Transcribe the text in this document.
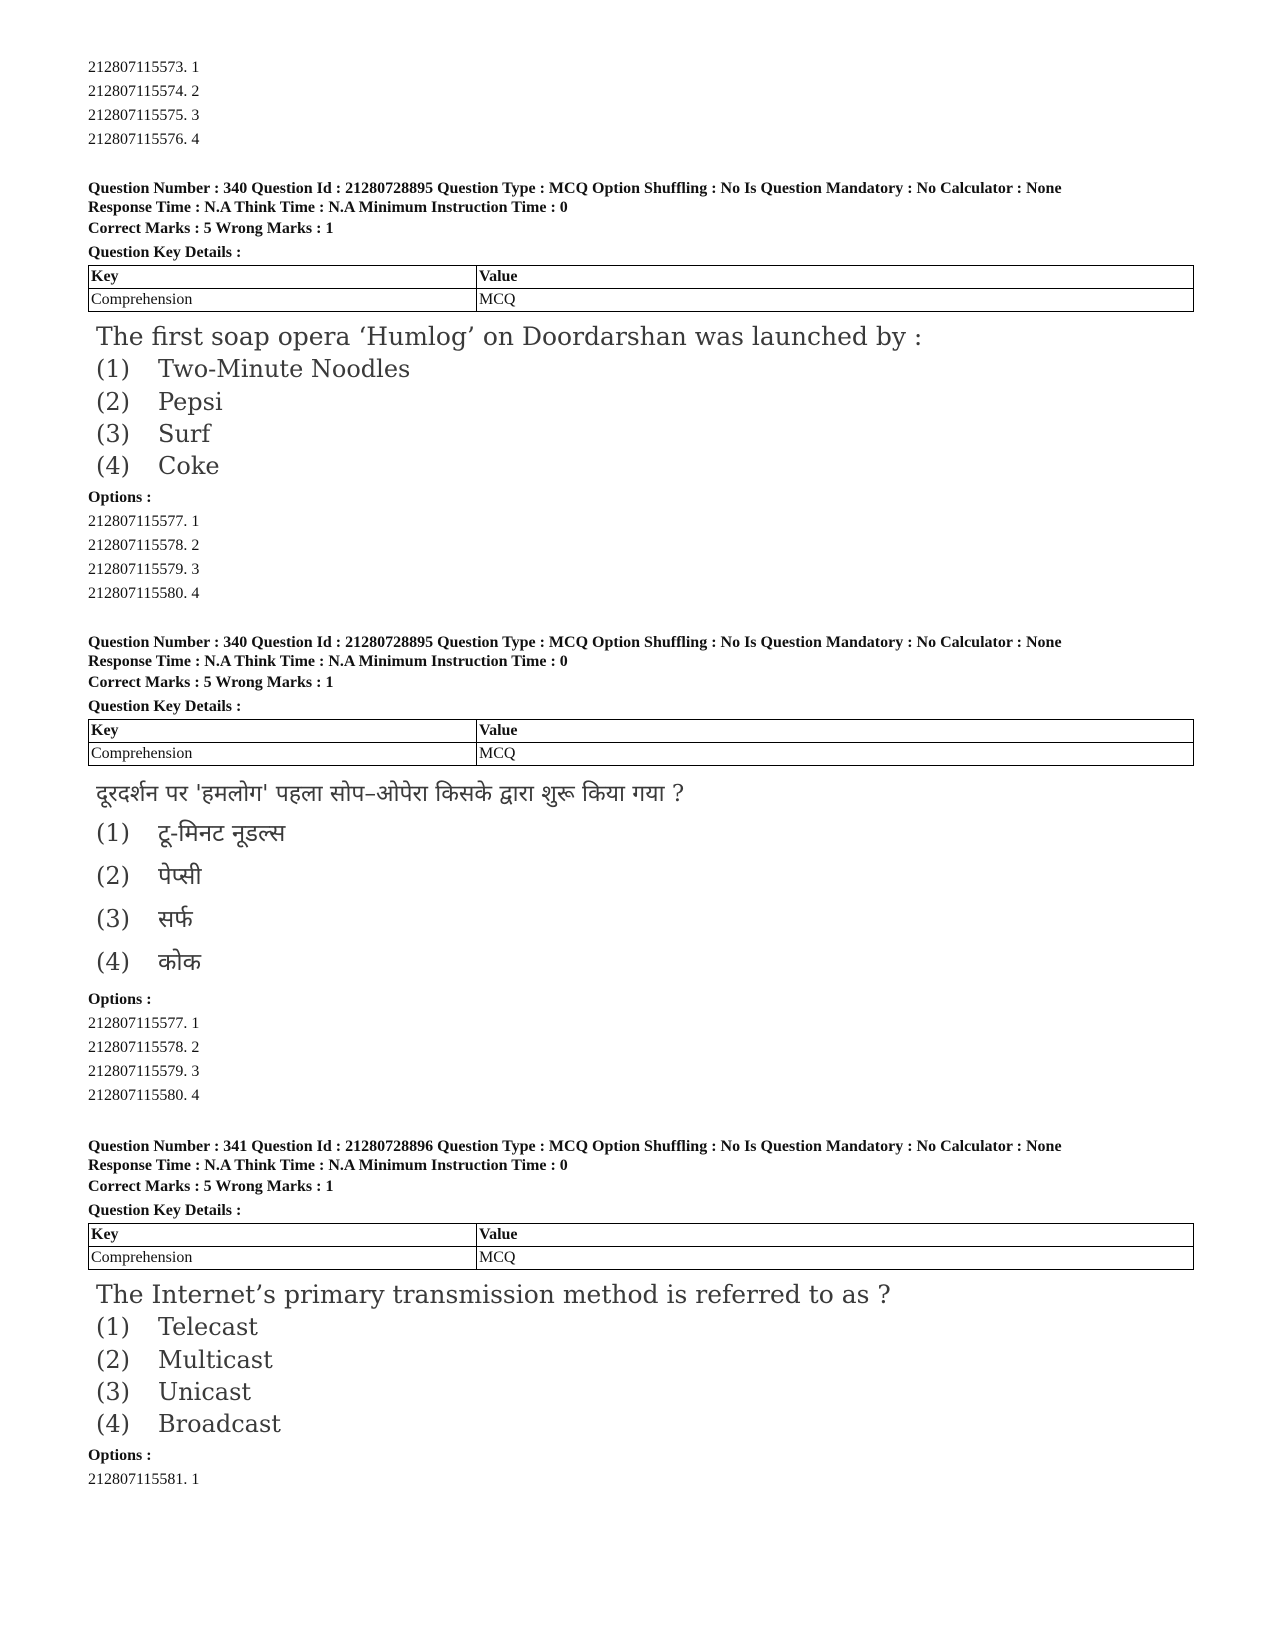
212807115573. 1

212807115574. 2

212807115575. 3

212807115576. 4

Question Number : 340 Question Id : 21280728895 Question Type : MCQ Option Shuffling : No Is Question Mandatory : No Calculator : None

Response Time : N.A Think Time : N.A Minimum Instruction Time : 0

Correct Marks : 5 Wrong Marks : 1

Question Key Details :

Key	Value
Comprehension	MCQ
The first soap opera ‘Humlog’ on Doordarshan was launched by :
(1)	Two-Minute Noodles
(2)	Pepsi
(3)	Surf
(4)	Coke

Options :

212807115577. 1

212807115578. 2

212807115579. 3

212807115580. 4

Question Number : 340 Question Id : 21280728895 Question Type : MCQ Option Shuffling : No Is Question Mandatory : No Calculator : None

Response Time : N.A Think Time : N.A Minimum Instruction Time : 0

Correct Marks : 5 Wrong Marks : 1

Question Key Details :

Key	Value
Comprehension	MCQ
दूरदर्शन पर 'हमलोग' पहला सोप–ओपेरा किसके द्वारा शुरू किया गया ?
(1)	टू-मिनट नूडल्स
(2)	पेप्सी
(3)	सर्फ
(4)	कोक

Options :

212807115577. 1

212807115578. 2

212807115579. 3

212807115580. 4

Question Number : 341 Question Id : 21280728896 Question Type : MCQ Option Shuffling : No Is Question Mandatory : No Calculator : None

Response Time : N.A Think Time : N.A Minimum Instruction Time : 0

Correct Marks : 5 Wrong Marks : 1

Question Key Details :

Key	Value
Comprehension	MCQ
The Internet’s primary transmission method is referred to as ?
(1)	Telecast
(2)	Multicast
(3)	Unicast
(4)	Broadcast

Options :

212807115581. 1
